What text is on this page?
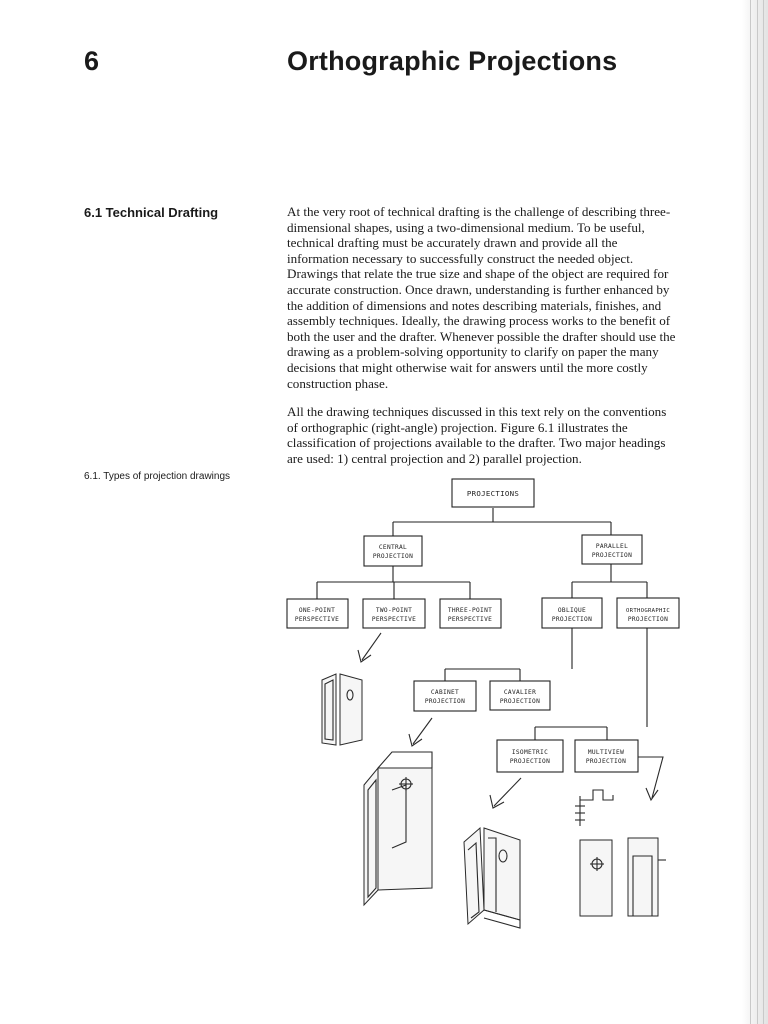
6	Orthographic Projections
6.1 Technical Drafting	At the very root of technical drafting is the challenge of describing three-dimensional shapes, using a two-dimensional medium. To be useful, technical drafting must be accurately drawn and provide all the information necessary to successfully construct the needed object. Drawings that relate the true size and shape of the object are required for accurate construction. Once drawn, understanding is further enhanced by the addition of dimensions and notes describing materials, finishes, and assembly techniques. Ideally, the drawing process works to the benefit of both the user and the drafter. Whenever possible the drafter should use the drawing as a problem-solving opportunity to clarify on paper the many decisions that might otherwise wait for answers until the more costly construction phase.

All the drawing techniques discussed in this text rely on the conventions of orthographic (right-angle) projection. Figure 6.1 illustrates the classification of projections available to the drafter. Two major headings are used: 1) central projection and 2) parallel projection.

6.1. Types of projection drawings
PROJECTIONS
CENTRAL
PROJECTION
PARALLEL
PROJECTION
ONE-POINT
PERSPECTIVE
TWO-POINT
PERSPECTIVE
THREE-POINT
PERSPECTIVE
OBLIQUE
PROJECTION
ORTHOGRAPHIC
PROJECTION
CABINET
PROJECTION
CAVALIER
PROJECTION
ISOMETRIC
PROJECTION
MULTIVIEW
PROJECTION
